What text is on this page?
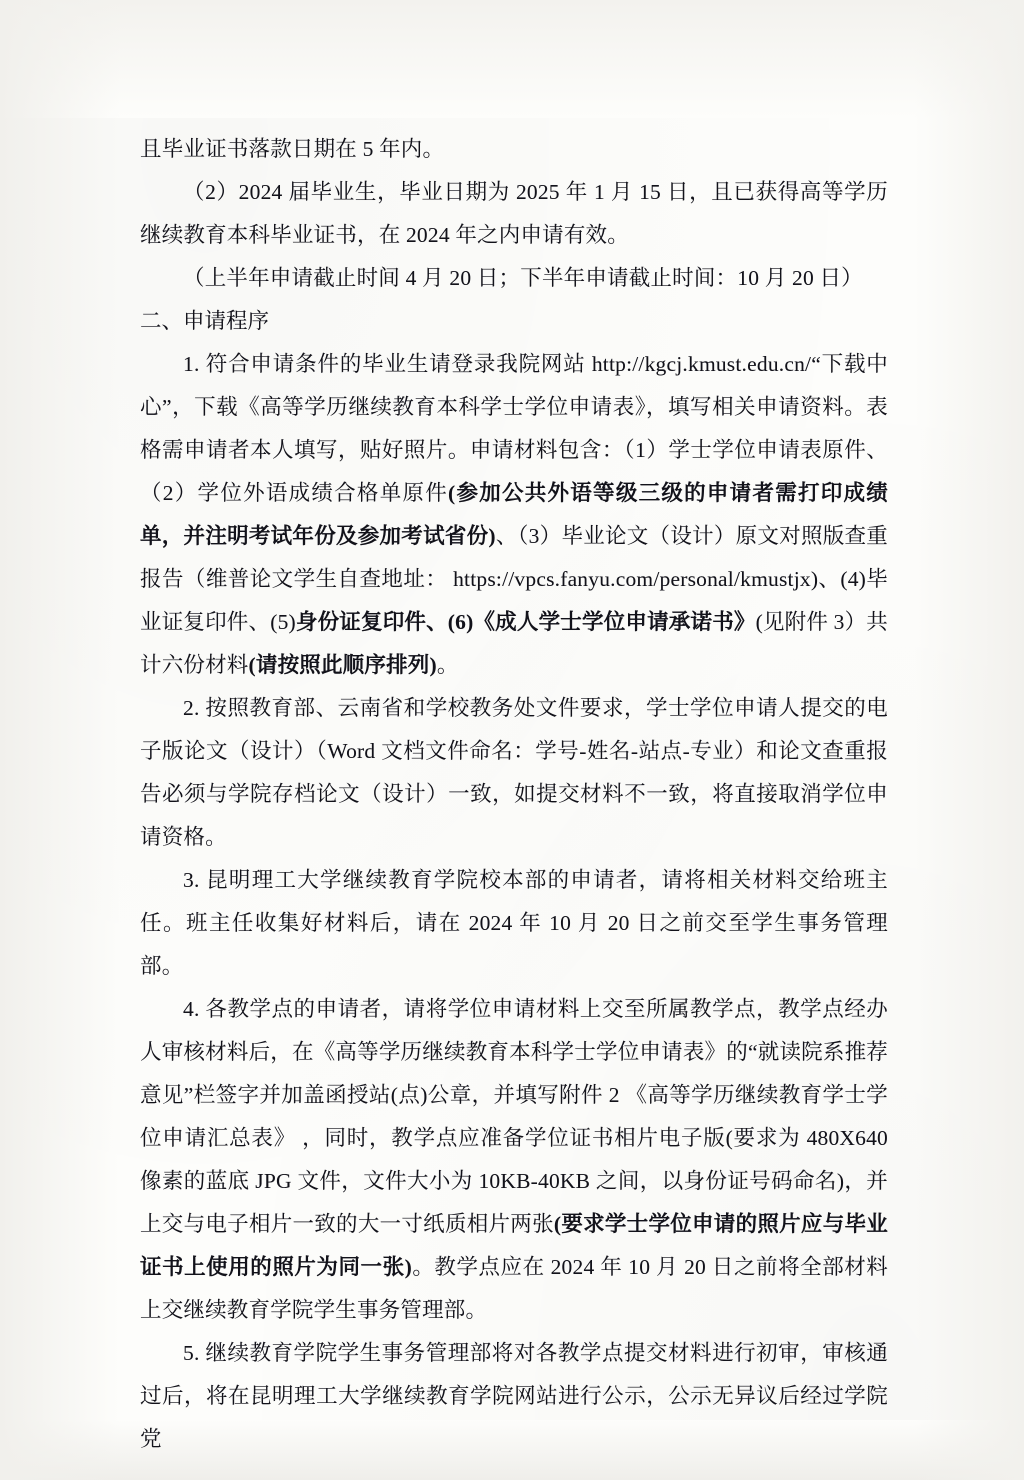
且毕业证书落款日期在 5 年内。

（2）2024 届毕业生，毕业日期为 2025 年 1 月 15 日，且已获得高等学历继续教育本科毕业证书，在 2024 年之内申请有效。

（上半年申请截止时间 4 月 20 日；下半年申请截止时间：10 月 20 日）

二、申请程序

1. 符合申请条件的毕业生请登录我院网站 http://kgcj.kmust.edu.cn/“下载中心”，下载《高等学历继续教育本科学士学位申请表》，填写相关申请资料。表格需申请者本人填写，贴好照片。申请材料包含：（1）学士学位申请表原件、（2）学位外语成绩合格单原件(参加公共外语等级三级的申请者需打印成绩单，并注明考试年份及参加考试省份)、（3）毕业论文（设计）原文对照版查重报告（维普论文学生自查地址： https://vpcs.fanyu.com/personal/kmustjx)、(4)毕业证复印件、(5)身份证复印件、(6)《成人学士学位申请承诺书》(见附件 3）共计六份材料(请按照此顺序排列)。

2. 按照教育部、云南省和学校教务处文件要求，学士学位申请人提交的电子版论文（设计）（Word 文档文件命名：学号-姓名-站点-专业）和论文查重报告必须与学院存档论文（设计）一致，如提交材料不一致，将直接取消学位申请资格。

3. 昆明理工大学继续教育学院校本部的申请者，请将相关材料交给班主任。班主任收集好材料后，请在 2024 年 10 月 20 日之前交至学生事务管理部。

4. 各教学点的申请者，请将学位申请材料上交至所属教学点，教学点经办人审核材料后，在《高等学历继续教育本科学士学位申请表》的“就读院系推荐意见”栏签字并加盖函授站(点)公章，并填写附件 2 《高等学历继续教育学士学位申请汇总表》 ，同时，教学点应准备学位证书相片电子版(要求为 480X640 像素的蓝底 JPG 文件，文件大小为 10KB-40KB 之间，以身份证号码命名)，并上交与电子相片一致的大一寸纸质相片两张(要求学士学位申请的照片应与毕业证书上使用的照片为同一张)。教学点应在 2024 年 10 月 20 日之前将全部材料上交继续教育学院学生事务管理部。

5. 继续教育学院学生事务管理部将对各教学点提交材料进行初审，审核通过后，将在昆明理工大学继续教育学院网站进行公示，公示无异议后经过学院党
